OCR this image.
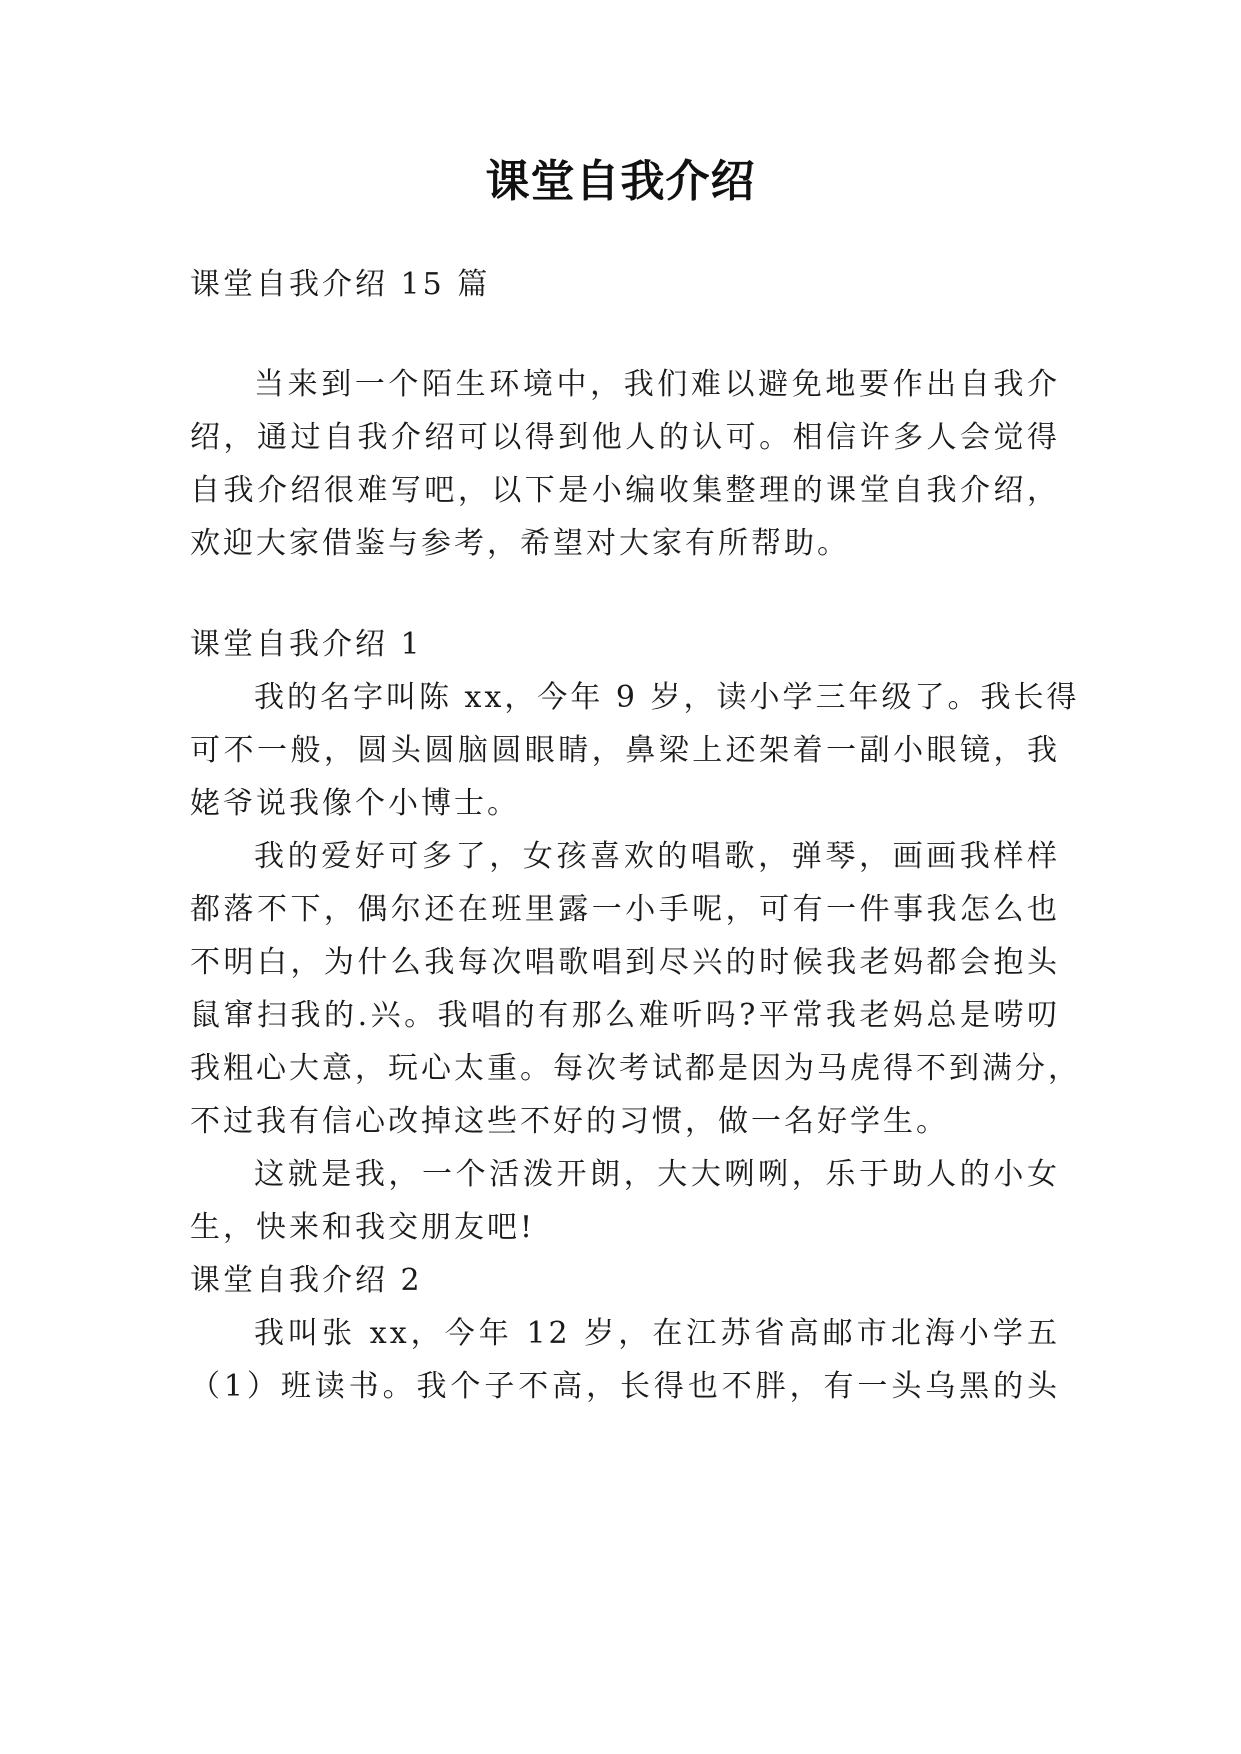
课堂自我介绍
课堂自我介绍 15 篇
当来到一个陌生环境中，我们难以避免地要作出自我介
绍，通过自我介绍可以得到他人的认可。相信许多人会觉得
自我介绍很难写吧，以下是小编收集整理的课堂自我介绍，
欢迎大家借鉴与参考，希望对大家有所帮助。
课堂自我介绍 1
我的名字叫陈 xx，今年 9 岁，读小学三年级了。我长得
可不一般，圆头圆脑圆眼睛，鼻梁上还架着一副小眼镜，我
姥爷说我像个小博士。
我的爱好可多了，女孩喜欢的唱歌，弹琴，画画我样样
都落不下，偶尔还在班里露一小手呢，可有一件事我怎么也
不明白，为什么我每次唱歌唱到尽兴的时候我老妈都会抱头
鼠窜扫我的.兴。我唱的有那么难听吗?平常我老妈总是唠叨
我粗心大意，玩心太重。每次考试都是因为马虎得不到满分，
不过我有信心改掉这些不好的习惯，做一名好学生。
这就是我，一个活泼开朗，大大咧咧，乐于助人的小女
生，快来和我交朋友吧!
课堂自我介绍 2
我叫张 xx，今年 12 岁，在江苏省高邮市北海小学五
（1）班读书。我个子不高，长得也不胖，有一头乌黑的头
